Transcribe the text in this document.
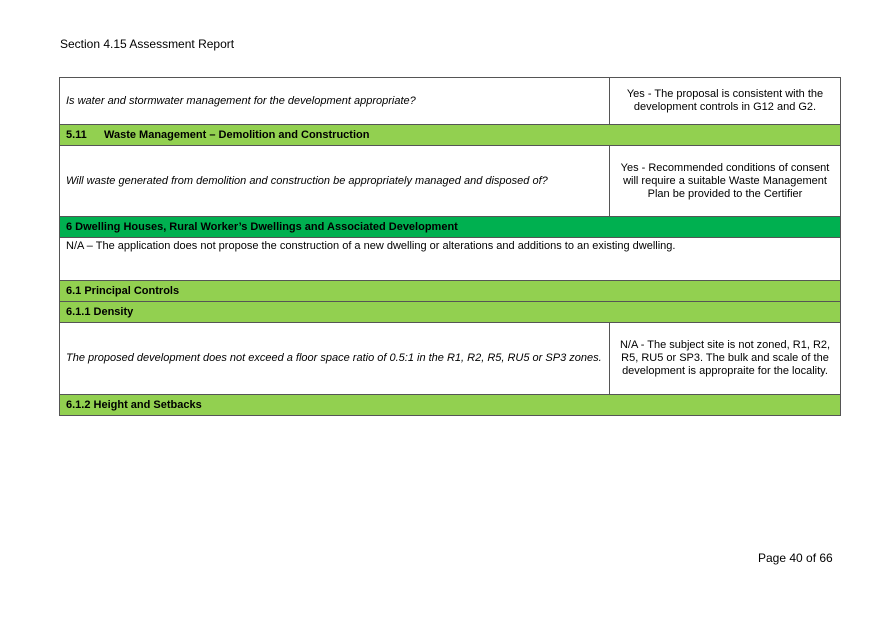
Section 4.15 Assessment Report
Is water and stormwater management for the development appropriate?	Yes - The proposal is consistent with the development controls in G12 and G2.
5.11 Waste Management – Demolition and Construction	
Will waste generated from demolition and construction be appropriately managed and disposed of?	Yes - Recommended conditions of consent will require a suitable Waste Management Plan be provided to the Certifier
6 Dwelling Houses, Rural Worker’s Dwellings and Associated Development	
N/A – The application does not propose the construction of a new dwelling or alterations and additions to an existing dwelling.	
6.1 Principal Controls	
6.1.1 Density	
The proposed development does not exceed a floor space ratio of 0.5:1 in the R1, R2, R5, RU5 or SP3 zones.	N/A - The subject site is not zoned, R1, R2, R5, RU5 or SP3. The bulk and scale of the development is appropraite for the locality.
6.1.2 Height and Setbacks	
Page 40 of 66
